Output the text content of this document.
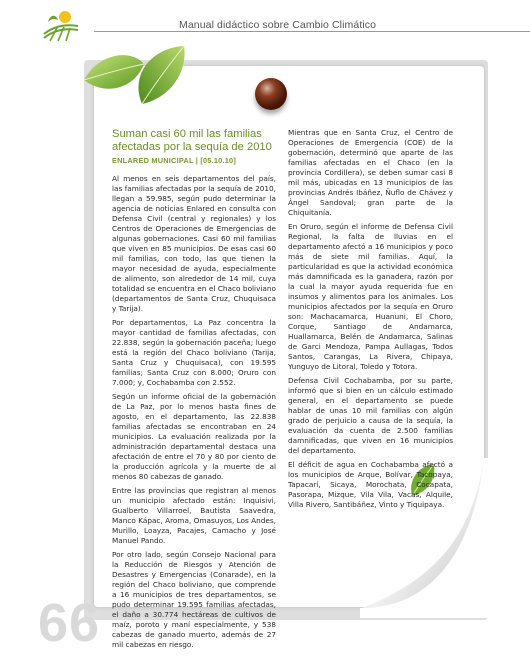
Manual didáctico sobre Cambio Climático
Suman casi 60 mil las familias afectadas por la sequía de 2010
ENLARED MUNICIPAL | [05.10.10]

Al menos en seis departamentos del país, las familias afectadas por la sequía de 2010, llegan a 59.985, según pudo determinar la agencia de noticias Enlared en consulta con Defensa Civil (central y regionales) y los Centros de Operaciones de Emergencias de algunas gobernaciones. Casi 60 mil familias que viven en 85 municipios. De esas casi 60 mil familias, con todo, las que tienen la mayor necesidad de ayuda, especialmente de alimento, son alrededor de 14 mil, cuya totalidad se encuentra en el Chaco boliviano (departamentos de Santa Cruz, Chuquisaca y Tarija).

Por departamentos, La Paz concentra la mayor cantidad de familias afectadas, con 22.838, según la gobernación paceña; luego está la región del Chaco boliviano (Tarija, Santa Cruz y Chuquisaca), con 19.595 familias; Santa Cruz con 8.000; Oruro con 7.000; y, Cochabamba con 2.552.

Según un informe oficial de la gobernación de La Paz, por lo menos hasta fines de agosto, en el departamento, las 22.838 familias afectadas se encontraban en 24 municipios. La evaluación realizada por la administración departamental destaca una afectación de entre el 70 y 80 por ciento de la producción agrícola y la muerte de al menos 80 cabezas de ganado.

Entre las provincias que registran al menos un municipio afectado están: Inquisivi, Gualberto Villarroel, Bautista Saavedra, Manco Kápac, Aroma, Omasuyos, Los Andes, Murillo, Loayza, Pacajes, Camacho y José Manuel Pando.

Por otro lado, según Consejo Nacional para la Reducción de Riesgos y Atención de Desastres y Emergencias (Conarade), en la región del Chaco boliviano, que comprende a 16 municipios de tres departamentos, se pudo determinar 19.595 familias afectadas, el daño a 30.774 hectáreas de cultivos de maíz, poroto y maní especialmente, y 538 cabezas de ganado muerto, además de 27 mil cabezas en riesgo.

Mientras que en Santa Cruz, el Centro de Operaciones de Emergencia (COE) de la gobernación, determinó que aparte de las familias afectadas en el Chaco (en la provincia Cordillera), se deben sumar casi 8 mil más, ubicadas en 13 municipios de las provincias Andrés Ibáñez, Ñuflo de Chávez y Ángel Sandoval; gran parte de la Chiquitanía.

En Oruro, según el informe de Defensa Civil Regional, la falta de lluvias en el departamento afectó a 16 municipios y poco más de siete mil familias. Aquí, la particularidad es que la actividad económica más damnificada es la ganadera, razón por la cual la mayor ayuda requerida fue en insumos y alimentos para los animales. Los municipios afectados por la sequía en Oruro son: Machacamarca, Huanuni, El Choro, Corque, Santiago de Andamarca, Huallamarca, Belén de Andamarca, Salinas de Garci Mendoza, Pampa Aullagas, Todos Santos, Carangas, La Rivera, Chipaya, Yunguyo de Litoral, Toledo y Totora.

Defensa Civil Cochabamba, por su parte, informó que si bien en un cálculo estimado general, en el departamento se puede hablar de unas 10 mil familias con algún grado de perjuicio a causa de la sequía, la evaluación da cuenta de 2.500 familias damnificadas, que viven en 16 municipios del departamento.

El déficit de agua en Cochabamba afectó a los municipios de Arque, Bolívar, Tacopaya, Tapacarí, Sicaya, Morochata, Cocapata, Pasorapa, Mizque, Vila Vila, Vacas, Alquile, Villa Rivero, Santibáñez, Vinto y Tiquipaya.

66
